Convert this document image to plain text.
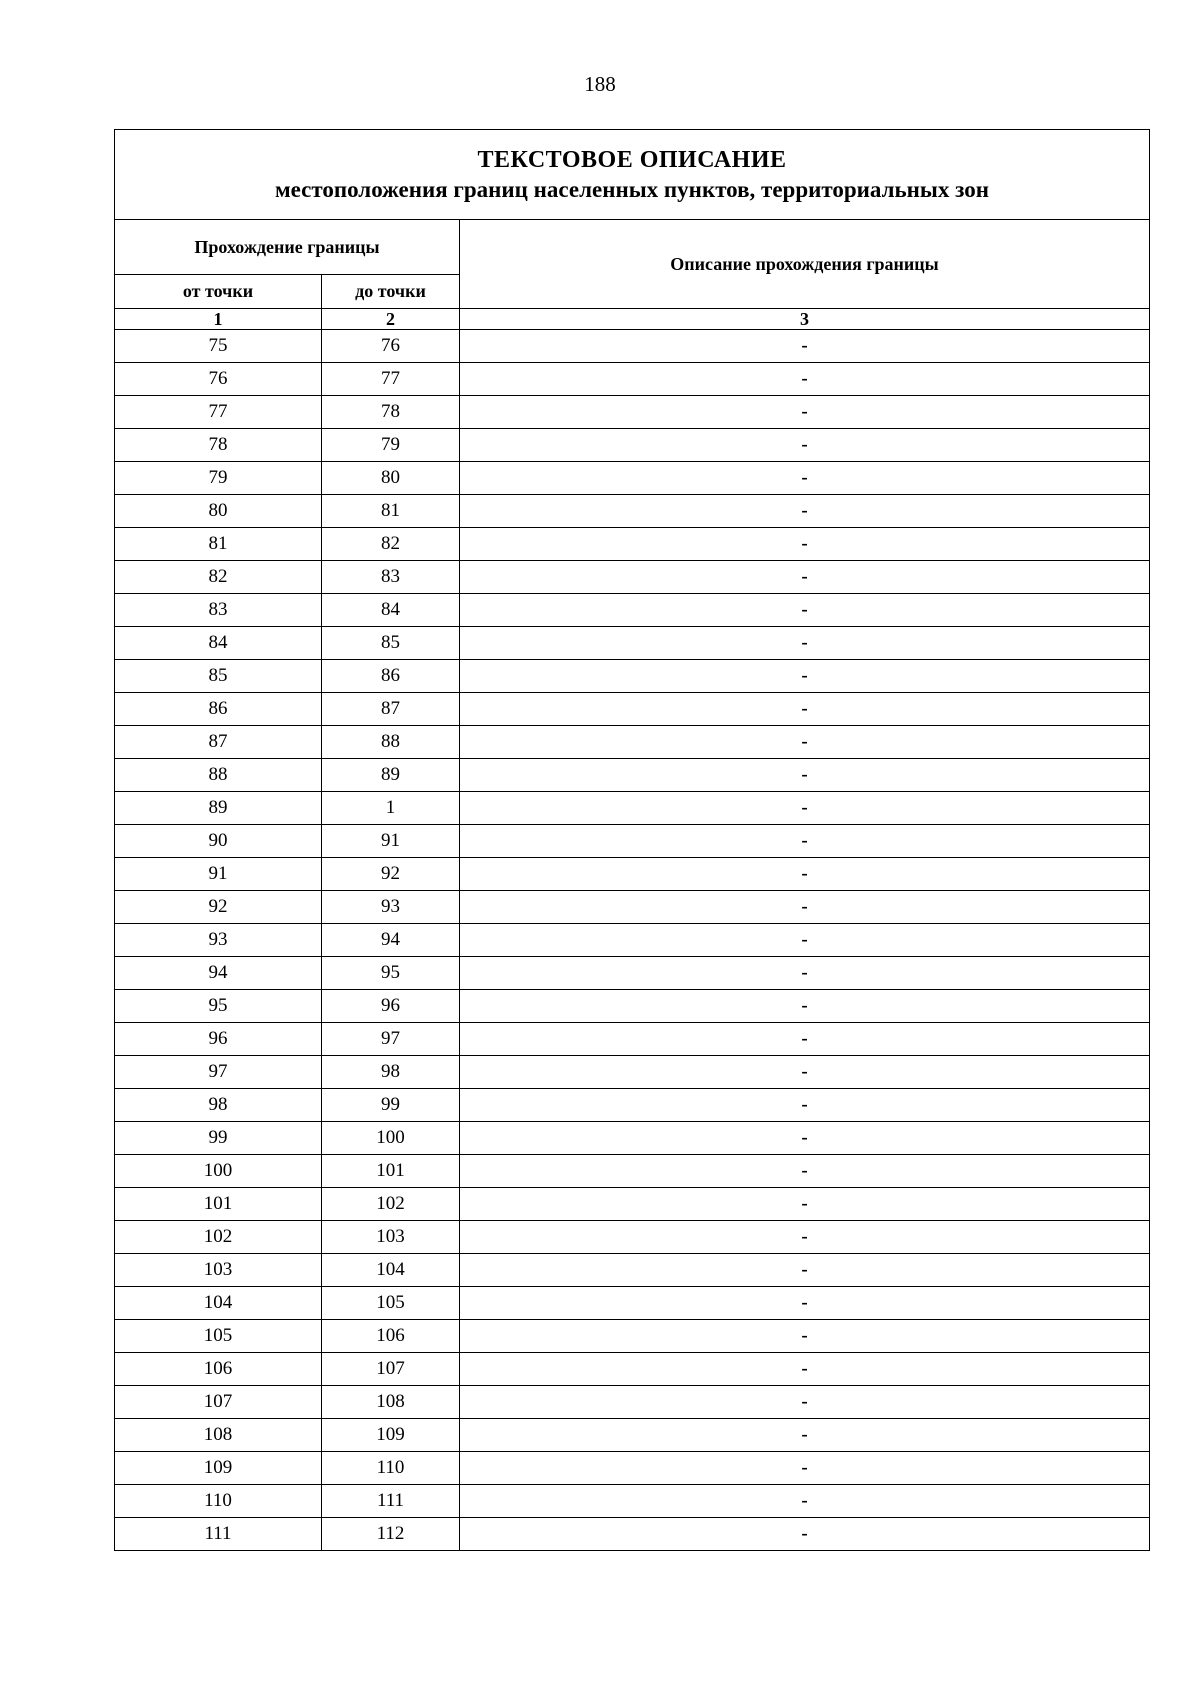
188
ТЕКСТОВОЕ ОПИСАНИЕ
местоположения границ населенных пунктов, территориальных зон		

Прохождение границы		Описание прохождения границы
от точки	до точки	
1	2	3
75	76	-
76	77	-
77	78	-
78	79	-
79	80	-
80	81	-
81	82	-
82	83	-
83	84	-
84	85	-
85	86	-
86	87	-
87	88	-
88	89	-
89	1	-
90	91	-
91	92	-
92	93	-
93	94	-
94	95	-
95	96	-
96	97	-
97	98	-
98	99	-
99	100	-
100	101	-
101	102	-
102	103	-
103	104	-
104	105	-
105	106	-
106	107	-
107	108	-
108	109	-
109	110	-
110	111	-
111	112	-
